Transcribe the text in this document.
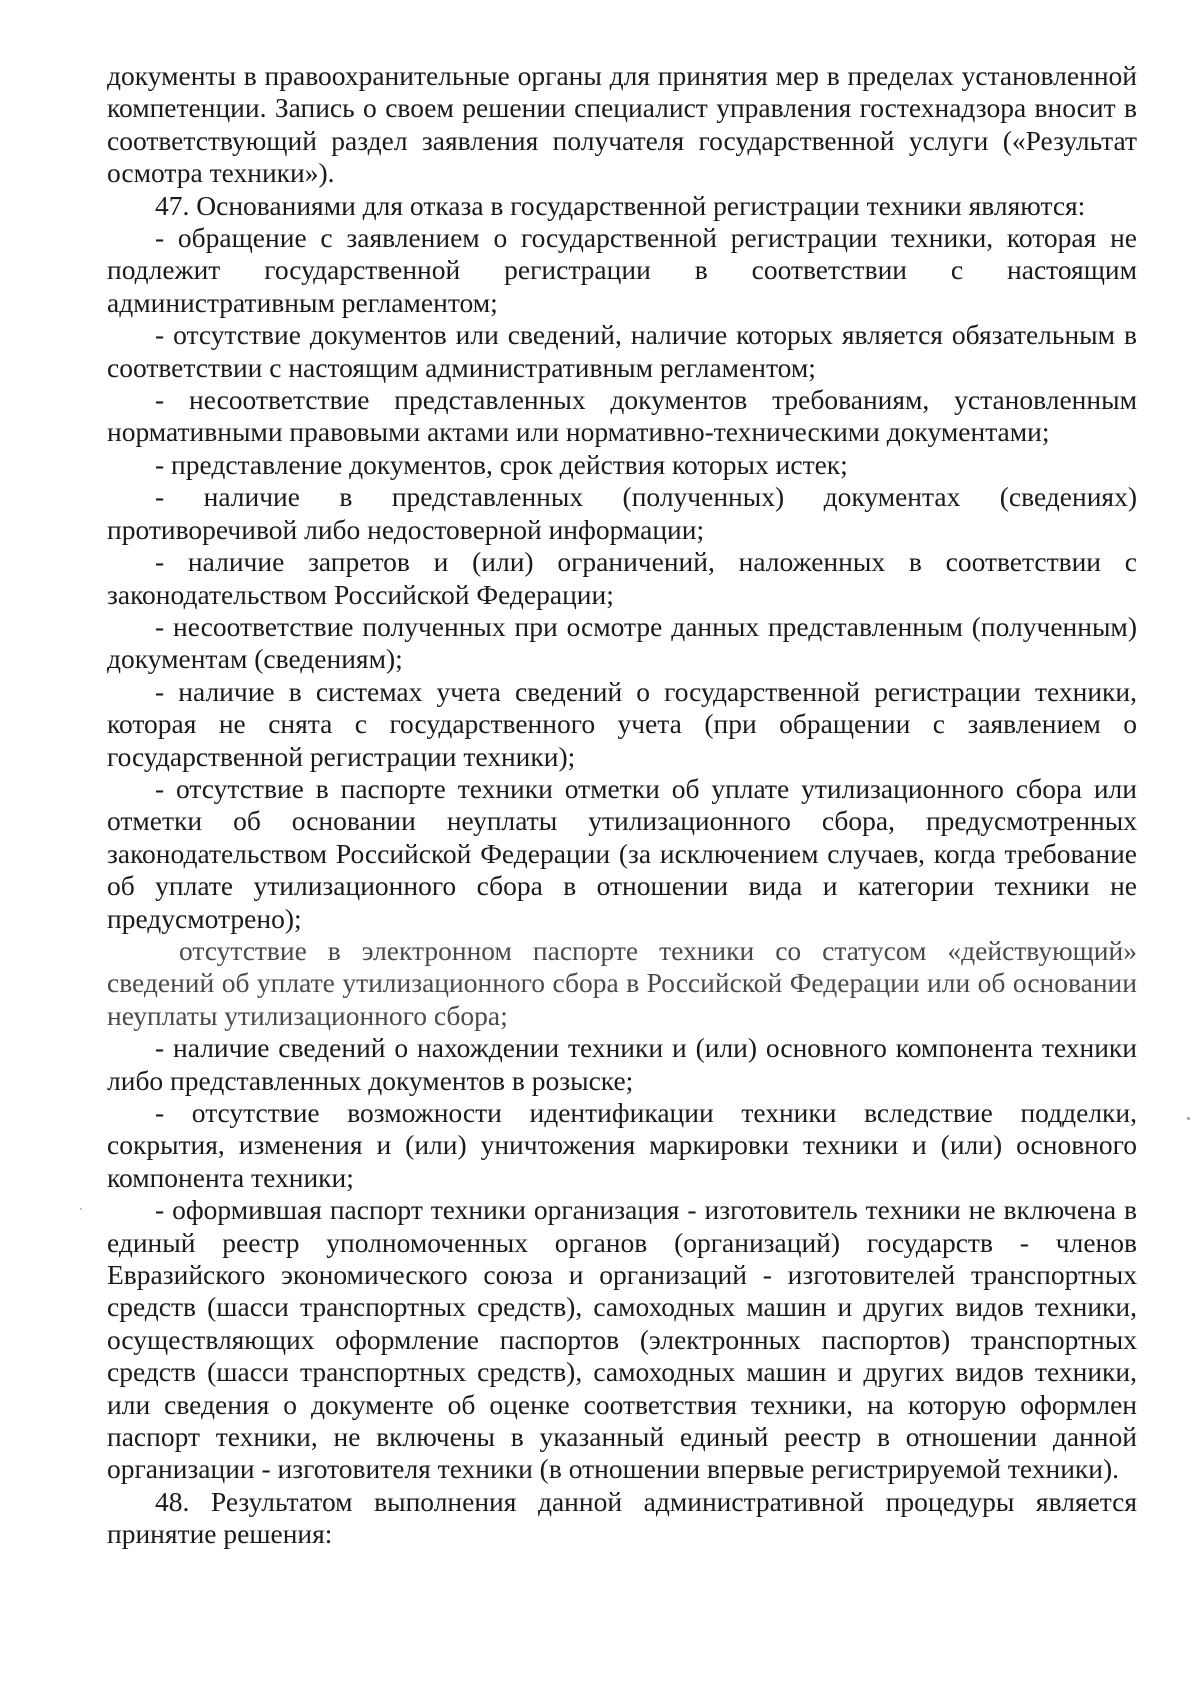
документы в правоохранительные органы для принятия мер в пределах установленной компетенции. Запись о своем решении специалист управления гостехнадзора вносит в соответствующий раздел заявления получателя государственной услуги («Результат осмотра техники»).

47. Основаниями для отказа в государственной регистрации техники являются:

- обращение с заявлением о государственной регистрации техники, которая не подлежит государственной регистрации в соответствии с настоящим административным регламентом;

- отсутствие документов или сведений, наличие которых является обязательным в соответствии с настоящим административным регламентом;

- несоответствие представленных документов требованиям, установленным нормативными правовыми актами или нормативно-техническими документами;

- представление документов, срок действия которых истек;

- наличие в представленных (полученных) документах (сведениях) противоречивой либо недостоверной информации;

- наличие запретов и (или) ограничений, наложенных в соответствии с законодательством Российской Федерации;

- несоответствие полученных при осмотре данных представленным (полученным) документам (сведениям);

- наличие в системах учета сведений о государственной регистрации техники, которая не снята с государственного учета (при обращении с заявлением о государственной регистрации техники);

- отсутствие в паспорте техники отметки об уплате утилизационного сбора или отметки об основании неуплаты утилизационного сбора, предусмотренных законодательством Российской Федерации (за исключением случаев, когда требование об уплате утилизационного сбора в отношении вида и категории техники не предусмотрено);

отсутствие в электронном паспорте техники со статусом «действующий» сведений об уплате утилизационного сбора в Российской Федерации или об основании неуплаты утилизационного сбора;

- наличие сведений о нахождении техники и (или) основного компонента техники либо представленных документов в розыске;

- отсутствие возможности идентификации техники вследствие подделки, сокрытия, изменения и (или) уничтожения маркировки техники и (или) основного компонента техники;

- оформившая паспорт техники организация - изготовитель техники не включена в единый реестр уполномоченных органов (организаций) государств - членов Евразийского экономического союза и организаций - изготовителей транспортных средств (шасси транспортных средств), самоходных машин и других видов техники, осуществляющих оформление паспортов (электронных паспортов) транспортных средств (шасси транспортных средств), самоходных машин и других видов техники, или сведения о документе об оценке соответствия техники, на которую оформлен паспорт техники, не включены в указанный единый реестр в отношении данной организации - изготовителя техники (в отношении впервые регистрируемой техники).

48. Результатом выполнения данной административной процедуры является принятие решения:
